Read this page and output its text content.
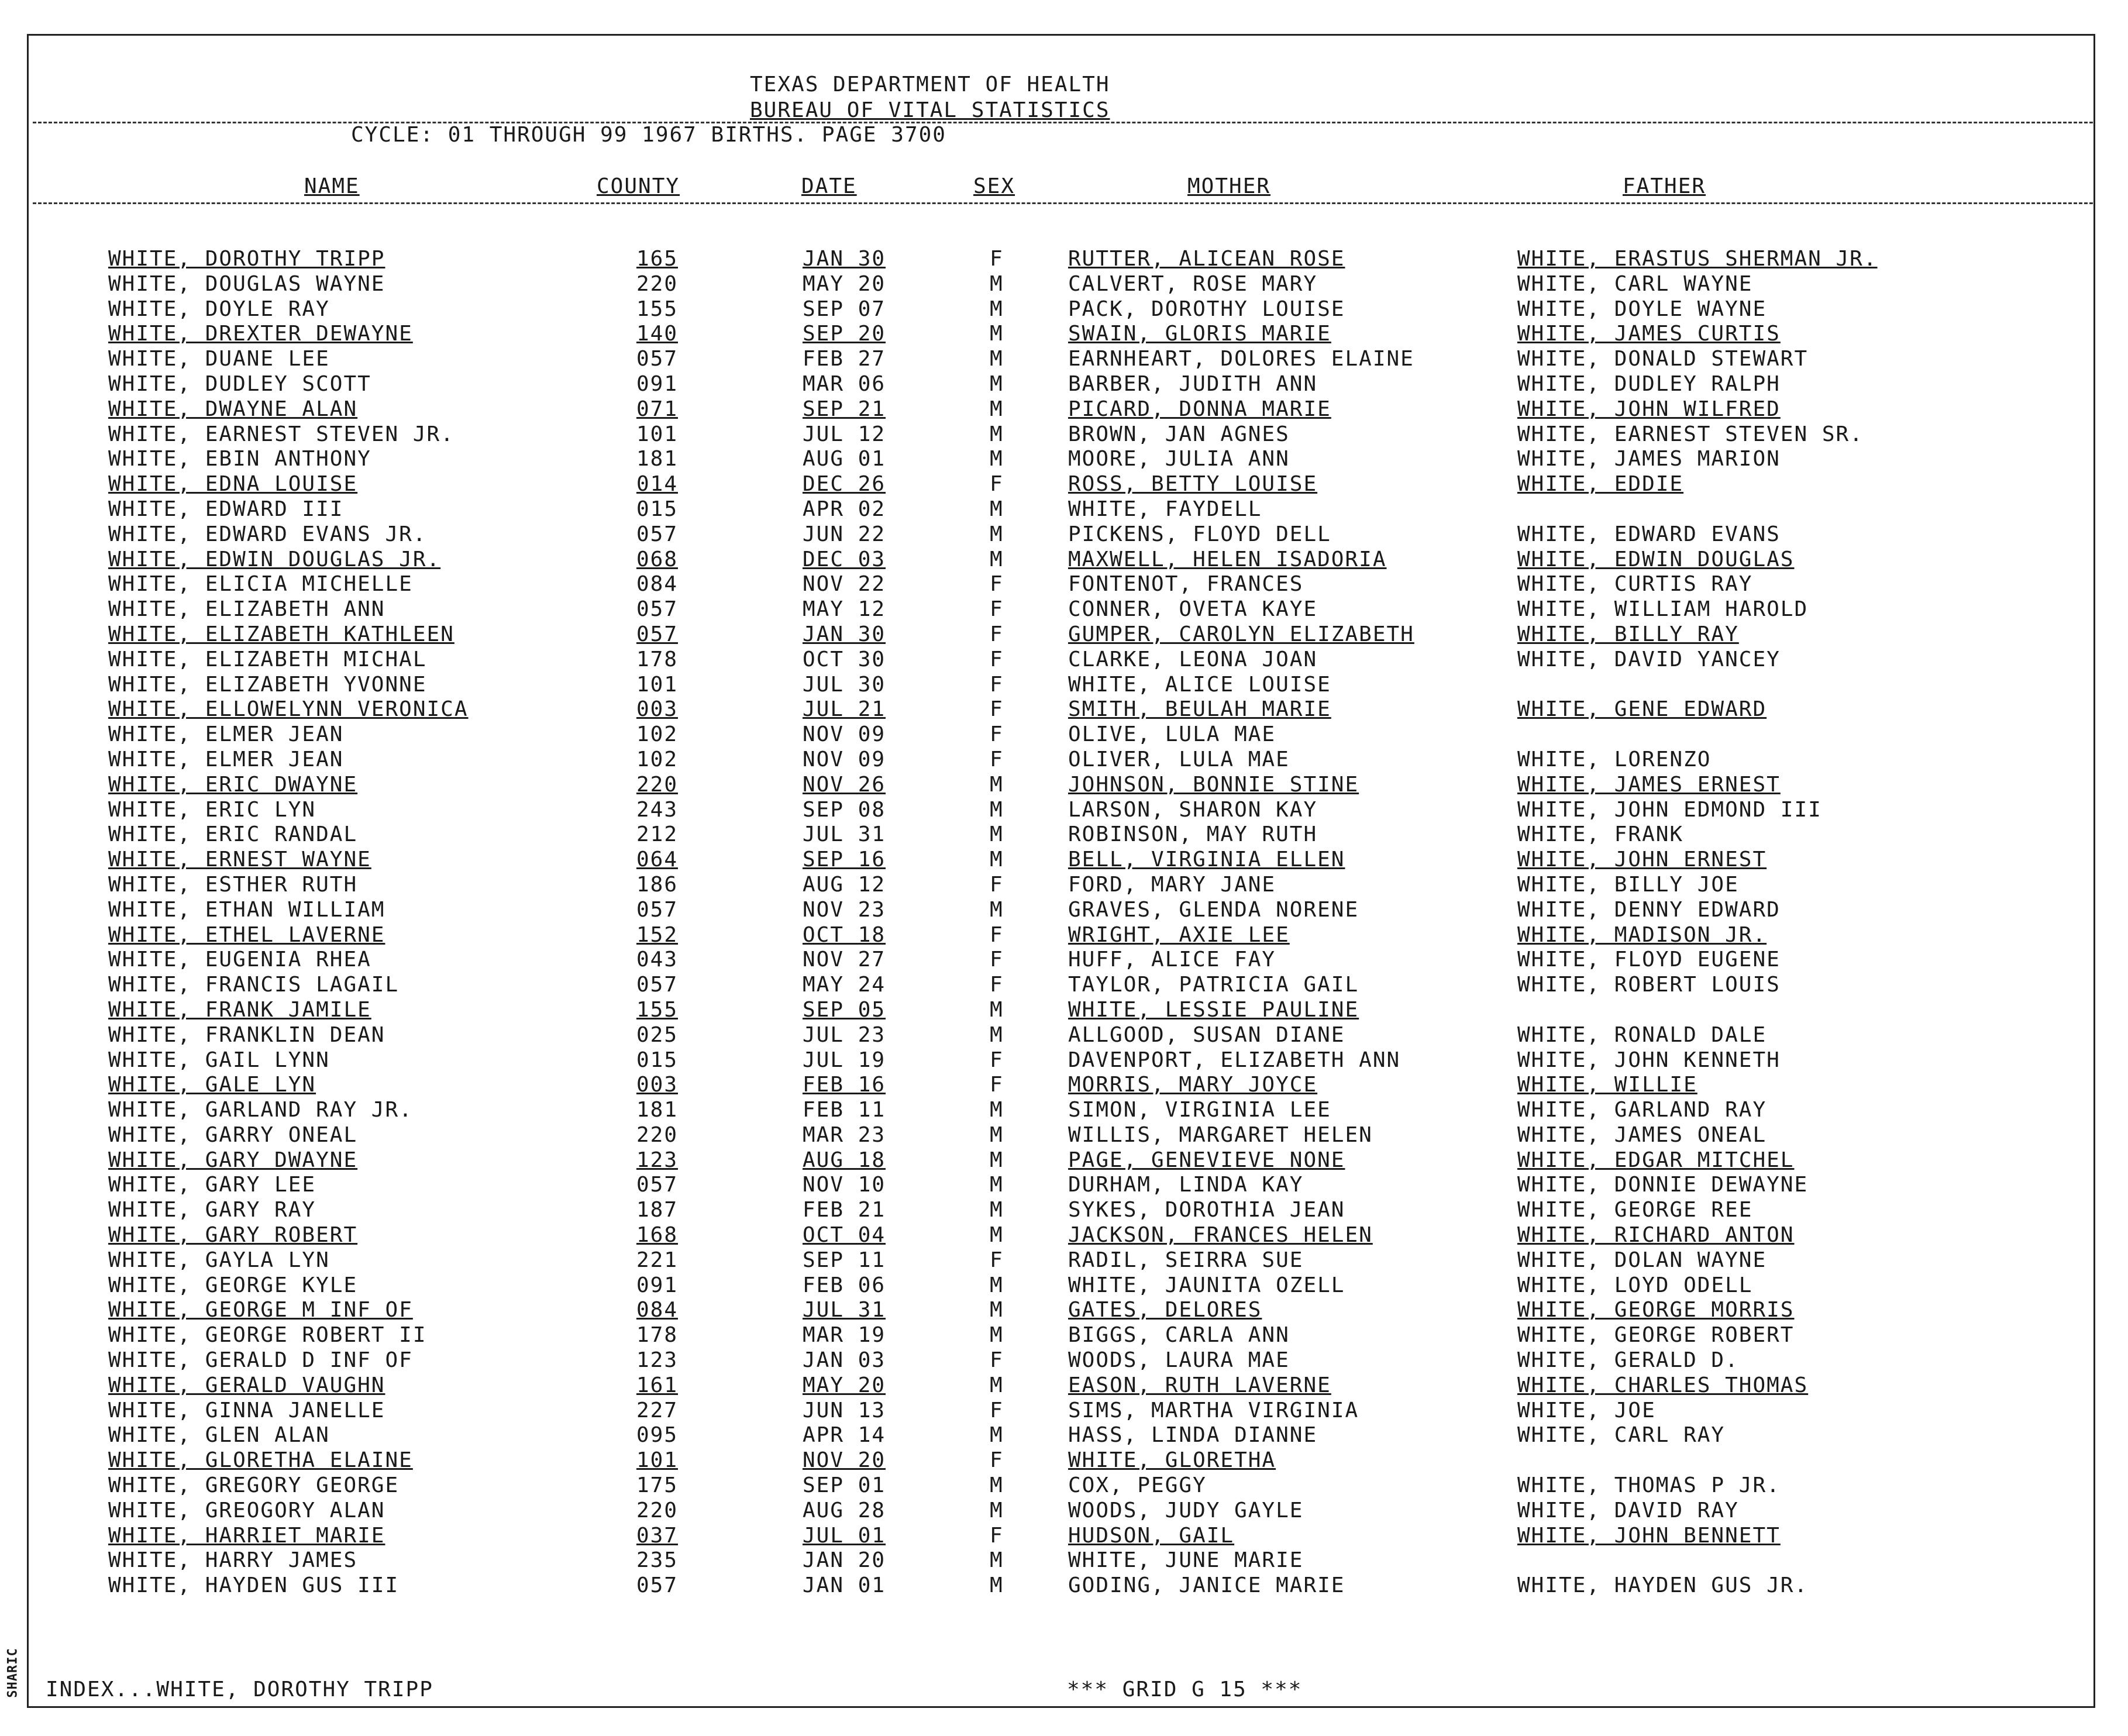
SHARIC
TEXAS DEPARTMENT OF HEALTH
BUREAU OF VITAL STATISTICS
CYCLE: 01 THROUGH 99 1967 BIRTHS. PAGE 3700
NAME	COUNTY	DATE	SEX	MOTHER	FATHER
WHITE, DOROTHY TRIPP	165	JAN 30	F	RUTTER, ALICEAN ROSE	WHITE, ERASTUS SHERMAN JR.
WHITE, DOUGLAS WAYNE	220	MAY 20	M	CALVERT, ROSE MARY	WHITE, CARL WAYNE
WHITE, DOYLE RAY	155	SEP 07	M	PACK, DOROTHY LOUISE	WHITE, DOYLE WAYNE
WHITE, DREXTER DEWAYNE	140	SEP 20	M	SWAIN, GLORIS MARIE	WHITE, JAMES CURTIS
WHITE, DUANE LEE	057	FEB 27	M	EARNHEART, DOLORES ELAINE	WHITE, DONALD STEWART
WHITE, DUDLEY SCOTT	091	MAR 06	M	BARBER, JUDITH ANN	WHITE, DUDLEY RALPH
WHITE, DWAYNE ALAN	071	SEP 21	M	PICARD, DONNA MARIE	WHITE, JOHN WILFRED
WHITE, EARNEST STEVEN JR.	101	JUL 12	M	BROWN, JAN AGNES	WHITE, EARNEST STEVEN SR.
WHITE, EBIN ANTHONY	181	AUG 01	M	MOORE, JULIA ANN	WHITE, JAMES MARION
WHITE, EDNA LOUISE	014	DEC 26	F	ROSS, BETTY LOUISE	WHITE, EDDIE
WHITE, EDWARD III	015	APR 02	M	WHITE, FAYDELL
WHITE, EDWARD EVANS JR.	057	JUN 22	M	PICKENS, FLOYD DELL	WHITE, EDWARD EVANS
WHITE, EDWIN DOUGLAS JR.	068	DEC 03	M	MAXWELL, HELEN ISADORIA	WHITE, EDWIN DOUGLAS
WHITE, ELICIA MICHELLE	084	NOV 22	F	FONTENOT, FRANCES	WHITE, CURTIS RAY
WHITE, ELIZABETH ANN	057	MAY 12	F	CONNER, OVETA KAYE	WHITE, WILLIAM HAROLD
WHITE, ELIZABETH KATHLEEN	057	JAN 30	F	GUMPER, CAROLYN ELIZABETH	WHITE, BILLY RAY
WHITE, ELIZABETH MICHAL	178	OCT 30	F	CLARKE, LEONA JOAN	WHITE, DAVID YANCEY
WHITE, ELIZABETH YVONNE	101	JUL 30	F	WHITE, ALICE LOUISE
WHITE, ELLOWELYNN VERONICA	003	JUL 21	F	SMITH, BEULAH MARIE	WHITE, GENE EDWARD
WHITE, ELMER JEAN	102	NOV 09	F	OLIVE, LULA MAE
WHITE, ELMER JEAN	102	NOV 09	F	OLIVER, LULA MAE	WHITE, LORENZO
WHITE, ERIC DWAYNE	220	NOV 26	M	JOHNSON, BONNIE STINE	WHITE, JAMES ERNEST
WHITE, ERIC LYN	243	SEP 08	M	LARSON, SHARON KAY	WHITE, JOHN EDMOND III
WHITE, ERIC RANDAL	212	JUL 31	M	ROBINSON, MAY RUTH	WHITE, FRANK
WHITE, ERNEST WAYNE	064	SEP 16	M	BELL, VIRGINIA ELLEN	WHITE, JOHN ERNEST
WHITE, ESTHER RUTH	186	AUG 12	F	FORD, MARY JANE	WHITE, BILLY JOE
WHITE, ETHAN WILLIAM	057	NOV 23	M	GRAVES, GLENDA NORENE	WHITE, DENNY EDWARD
WHITE, ETHEL LAVERNE	152	OCT 18	F	WRIGHT, AXIE LEE	WHITE, MADISON JR.
WHITE, EUGENIA RHEA	043	NOV 27	F	HUFF, ALICE FAY	WHITE, FLOYD EUGENE
WHITE, FRANCIS LAGAIL	057	MAY 24	F	TAYLOR, PATRICIA GAIL	WHITE, ROBERT LOUIS
WHITE, FRANK JAMILE	155	SEP 05	M	WHITE, LESSIE PAULINE
WHITE, FRANKLIN DEAN	025	JUL 23	M	ALLGOOD, SUSAN DIANE	WHITE, RONALD DALE
WHITE, GAIL LYNN	015	JUL 19	F	DAVENPORT, ELIZABETH ANN	WHITE, JOHN KENNETH
WHITE, GALE LYN	003	FEB 16	F	MORRIS, MARY JOYCE	WHITE, WILLIE
WHITE, GARLAND RAY JR.	181	FEB 11	M	SIMON, VIRGINIA LEE	WHITE, GARLAND RAY
WHITE, GARRY ONEAL	220	MAR 23	M	WILLIS, MARGARET HELEN	WHITE, JAMES ONEAL
WHITE, GARY DWAYNE	123	AUG 18	M	PAGE, GENEVIEVE NONE	WHITE, EDGAR MITCHEL
WHITE, GARY LEE	057	NOV 10	M	DURHAM, LINDA KAY	WHITE, DONNIE DEWAYNE
WHITE, GARY RAY	187	FEB 21	M	SYKES, DOROTHIA JEAN	WHITE, GEORGE REE
WHITE, GARY ROBERT	168	OCT 04	M	JACKSON, FRANCES HELEN	WHITE, RICHARD ANTON
WHITE, GAYLA LYN	221	SEP 11	F	RADIL, SEIRRA SUE	WHITE, DOLAN WAYNE
WHITE, GEORGE KYLE	091	FEB 06	M	WHITE, JAUNITA OZELL	WHITE, LOYD ODELL
WHITE, GEORGE M INF OF	084	JUL 31	M	GATES, DELORES	WHITE, GEORGE MORRIS
WHITE, GEORGE ROBERT II	178	MAR 19	M	BIGGS, CARLA ANN	WHITE, GEORGE ROBERT
WHITE, GERALD D INF OF	123	JAN 03	F	WOODS, LAURA MAE	WHITE, GERALD D.
WHITE, GERALD VAUGHN	161	MAY 20	M	EASON, RUTH LAVERNE	WHITE, CHARLES THOMAS
WHITE, GINNA JANELLE	227	JUN 13	F	SIMS, MARTHA VIRGINIA	WHITE, JOE
WHITE, GLEN ALAN	095	APR 14	M	HASS, LINDA DIANNE	WHITE, CARL RAY
WHITE, GLORETHA ELAINE	101	NOV 20	F	WHITE, GLORETHA
WHITE, GREGORY GEORGE	175	SEP 01	M	COX, PEGGY	WHITE, THOMAS P JR.
WHITE, GREOGORY ALAN	220	AUG 28	M	WOODS, JUDY GAYLE	WHITE, DAVID RAY
WHITE, HARRIET MARIE	037	JUL 01	F	HUDSON, GAIL	WHITE, JOHN BENNETT
WHITE, HARRY JAMES	235	JAN 20	M	WHITE, JUNE MARIE
WHITE, HAYDEN GUS III	057	JAN 01	M	GODING, JANICE MARIE	WHITE, HAYDEN GUS JR.
INDEX...WHITE, DOROTHY TRIPP	*** GRID G 15 ***
